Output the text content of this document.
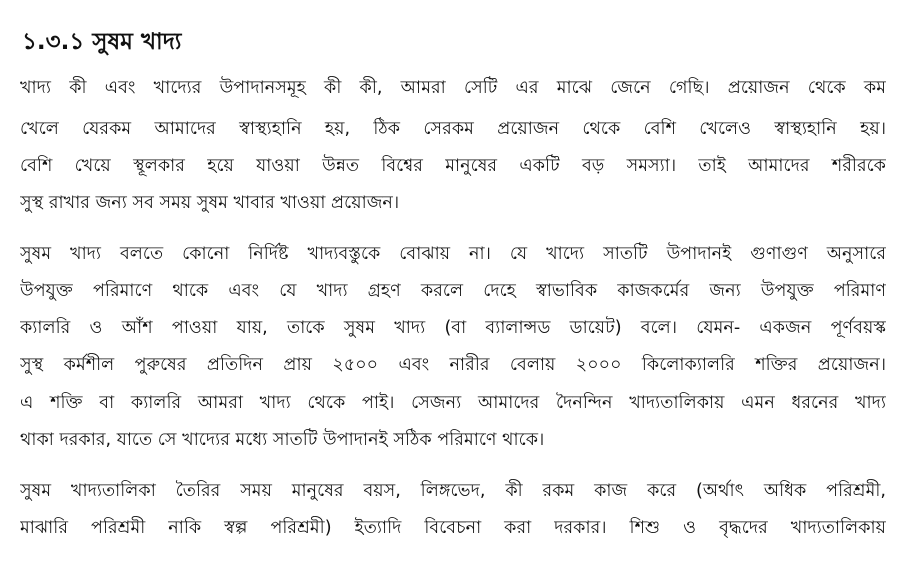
১.৩.১ সুষম খাদ্য

খাদ্য কী এবং খাদ্যের উপাদানসমূহ কী কী, আমরা সেটি এর মাঝে জেনে গেছি। প্রয়োজন থেকে কম

খেলে যেরকম আমাদের স্বাস্থ্যহানি হয়, ঠিক সেরকম প্রয়োজন থেকে বেশি খেলেও স্বাস্থ্যহানি হয়।

বেশি খেয়ে স্থূলকার হয়ে যাওয়া উন্নত বিশ্বের মানুষের একটি বড় সমস্যা। তাই আমাদের শরীরকে

সুস্থ রাখার জন্য সব সময় সুষম খাবার খাওয়া প্রয়োজন।

সুষম খাদ্য বলতে কোনো নির্দিষ্ট খাদ্যবস্তুকে বোঝায় না। যে খাদ্যে সাতটি উপাদানই গুণাগুণ অনুসারে

উপযুক্ত পরিমাণে থাকে এবং যে খাদ্য গ্রহণ করলে দেহে স্বাভাবিক কাজকর্মের জন্য উপযুক্ত পরিমাণ

ক্যালরি ও আঁশ পাওয়া যায়, তাকে সুষম খাদ্য (বা ব্যালান্সড ডায়েট) বলে। যেমন- একজন পূর্ণবয়স্ক

সুস্থ কর্মশীল পুরুষের প্রতিদিন প্রায় ২৫০০ এবং নারীর বেলায় ২০০০ কিলোক্যালরি শক্তির প্রয়োজন।

এ শক্তি বা ক্যালরি আমরা খাদ্য থেকে পাই। সেজন্য আমাদের দৈনন্দিন খাদ্যতালিকায় এমন ধরনের খাদ্য

থাকা দরকার, যাতে সে খাদ্যের মধ্যে সাতটি উপাদানই সঠিক পরিমাণে থাকে।

সুষম খাদ্যতালিকা তৈরির সময় মানুষের বয়স, লিঙ্গভেদ, কী রকম কাজ করে (অর্থাৎ অধিক পরিশ্রমী,

মাঝারি পরিশ্রমী নাকি স্বল্প পরিশ্রমী) ইত্যাদি বিবেচনা করা দরকার। শিশু ও বৃদ্ধদের খাদ্যতালিকায়
